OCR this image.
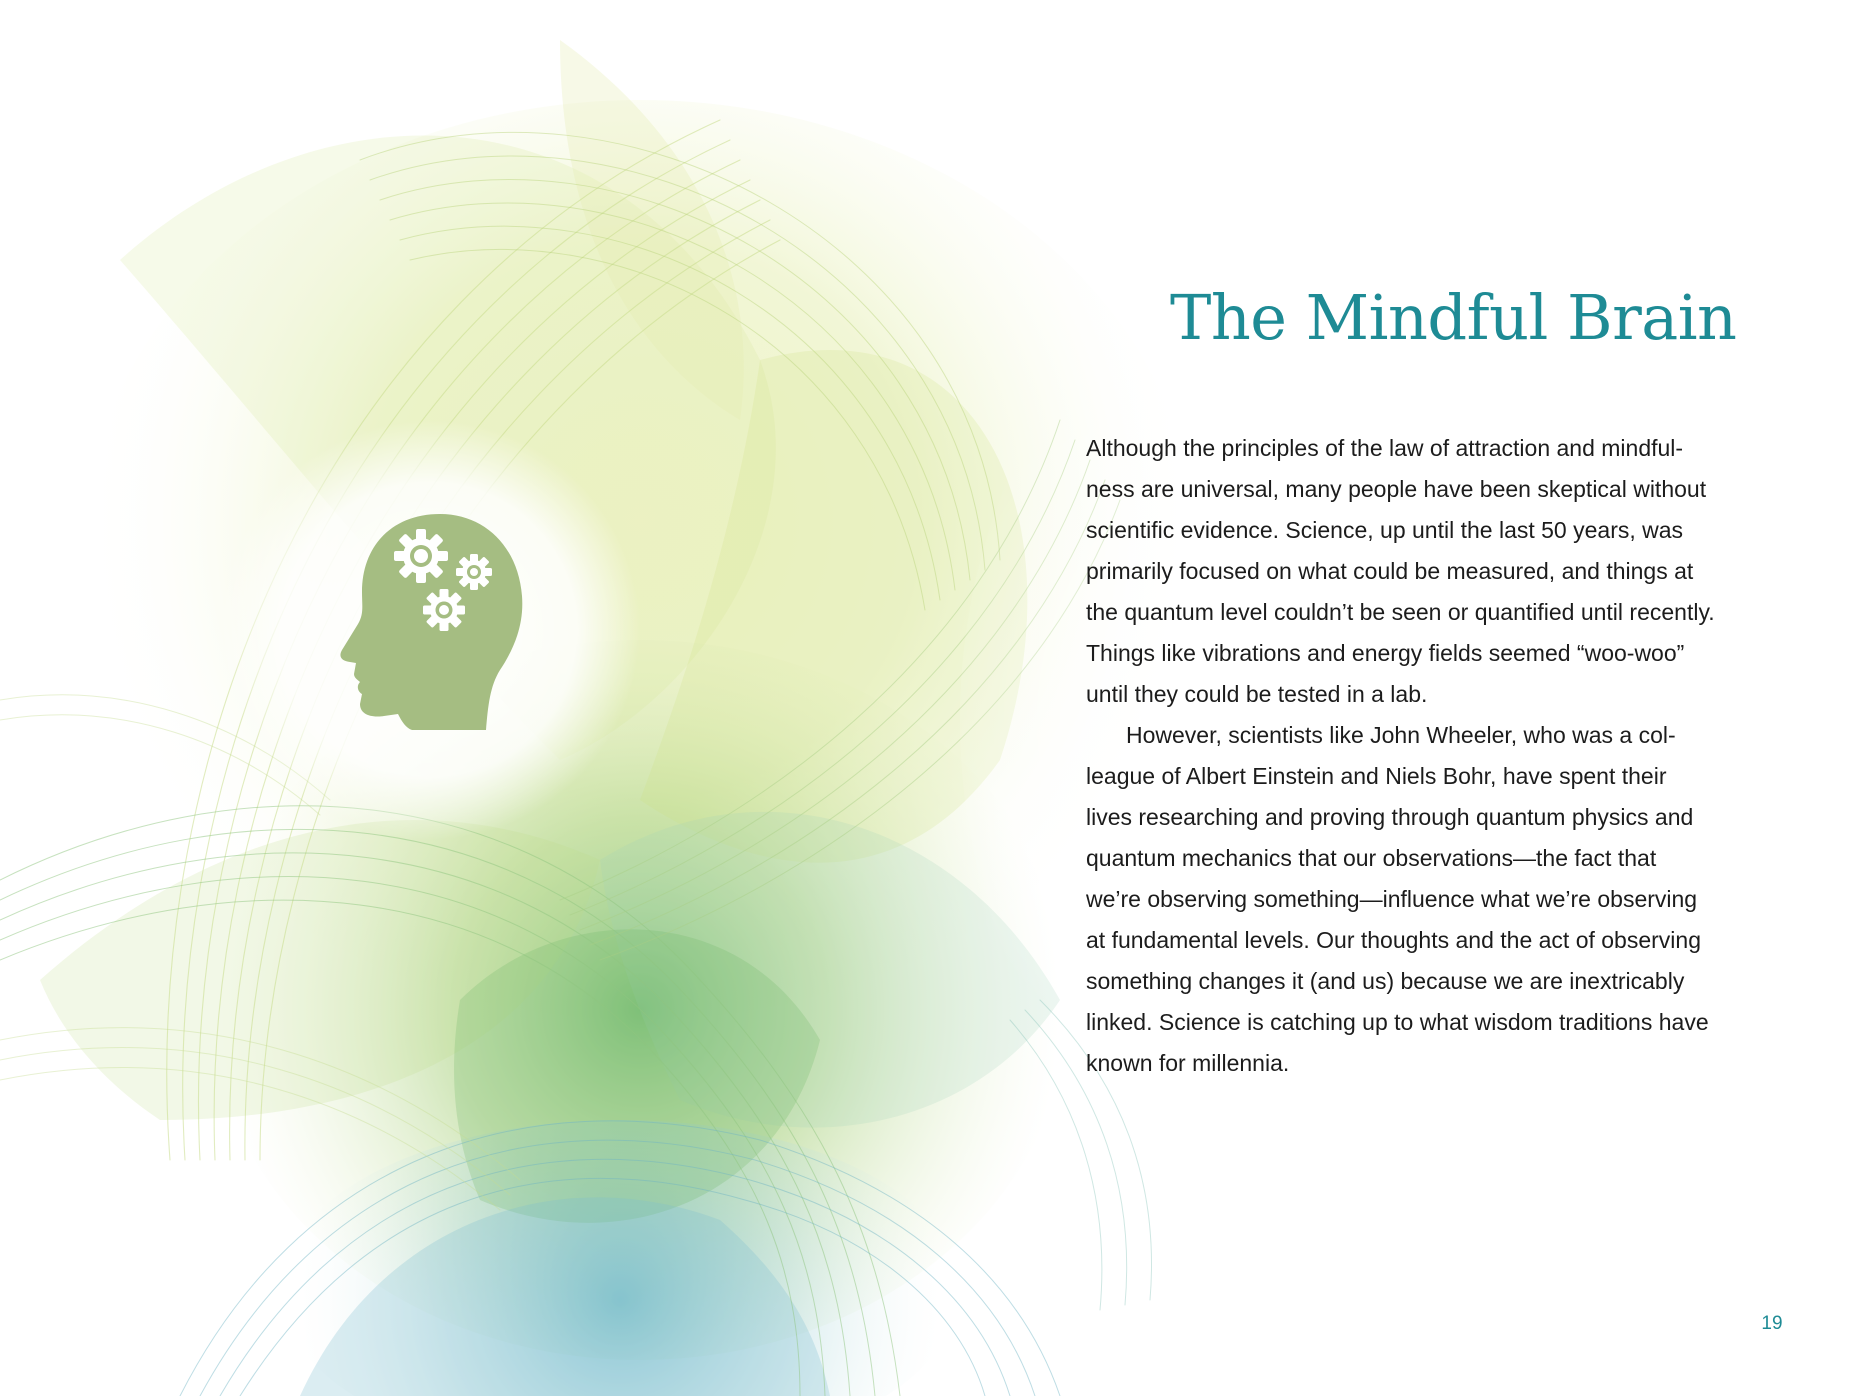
The Mindful Brain

Although the principles of the law of attraction and mindful-
ness are universal, many people have been skeptical without
scientific evidence. Science, up until the last 50 years, was
primarily focused on what could be measured, and things at
the quantum level couldn’t be seen or quantified until recently.
Things like vibrations and energy fields seemed “woo-woo”
until they could be tested in a lab.

However, scientists like John Wheeler, who was a col-
league of Albert Einstein and Niels Bohr, have spent their
lives researching and proving through quantum physics and
quantum mechanics that our observations—the fact that
we’re observing something—influence what we’re observing
at fundamental levels. Our thoughts and the act of observing
something changes it (and us) because we are inextricably
linked. Science is catching up to what wisdom traditions have
known for millennia.

19
